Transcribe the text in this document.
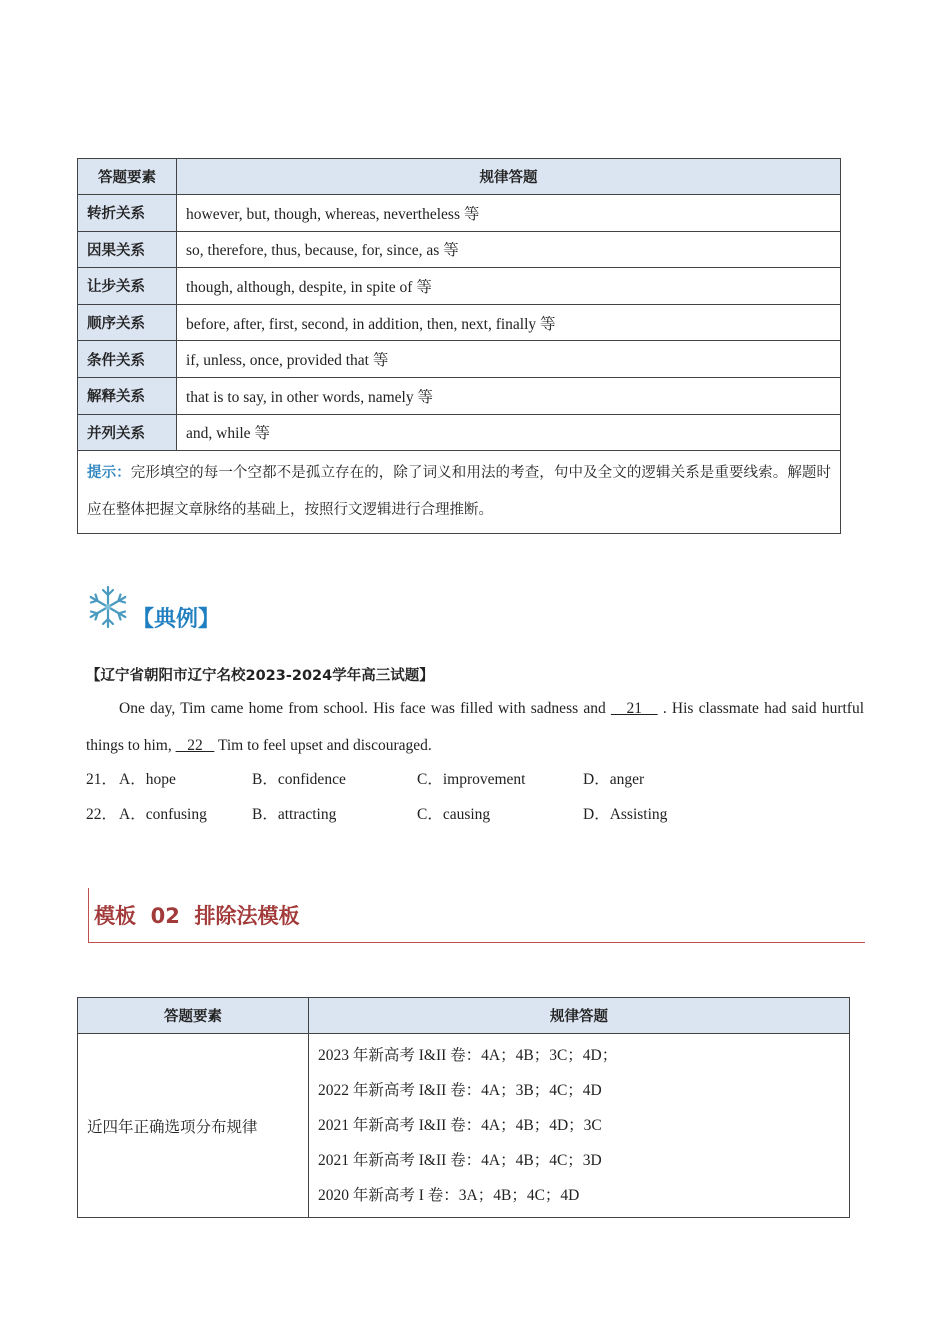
答题要素	规律答题
转折关系	however, but, though, whereas, nevertheless 等
因果关系	so, therefore, thus, because, for, since, as 等
让步关系	though, although, despite, in spite of 等
顺序关系	before, after, first, second, in addition, then, next, finally 等
条件关系	if, unless, once, provided that 等
解释关系	that is to say, in other words, namely 等
并列关系	and, while 等
提示：完形填空的每一个空都不是孤立存在的，除了词义和用法的考查，句中及全文的逻辑关系是重要线索。解题时应在整体把握文章脉络的基础上，按照行文逻辑进行合理推断。	
【典例】
【辽宁省朝阳市辽宁名校2023-2024学年高三试题】
One day, Tim came home from school. His face was filled with sadness and    21    . His classmate had said hurtful things to him,    22    Tim to feel upset and discouraged.
21． A．hope	B．confidence	C．improvement	D．anger
22． A．confusing	B．attracting	C．causing	D．Assisting
模板  02  排除法模板
答题要素	规律答题
近四年正确选项分布规律	2023 年新高考 I&II 卷：4A；4B；3C；4D；
2022 年新高考 I&II 卷：4A；3B；4C；4D
2021 年新高考 I&II 卷：4A；4B；4D；3C
2021 年新高考 I&II 卷：4A；4B；4C；3D
2020 年新高考 I 卷：3A；4B；4C；4D
